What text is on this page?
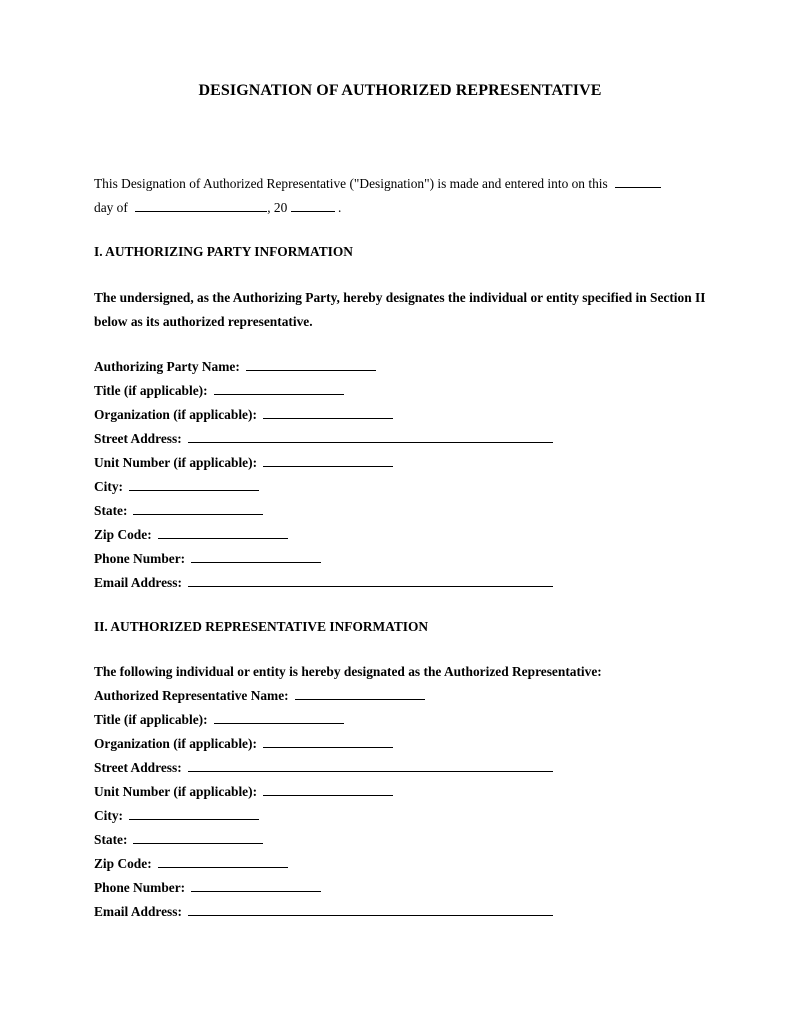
DESIGNATION OF AUTHORIZED REPRESENTATIVE
This Designation of Authorized Representative ("Designation") is made and entered into on this
day of	, 20	.
I. AUTHORIZING PARTY INFORMATION
The undersigned, as the Authorizing Party, hereby designates the individual or entity specified in Section II below as its authorized representative.
Authorizing Party Name:
Title (if applicable):
Organization (if applicable):
Street Address:
Unit Number (if applicable):
City:
State:
Zip Code:
Phone Number:
Email Address:
II. AUTHORIZED REPRESENTATIVE INFORMATION
The following individual or entity is hereby designated as the Authorized Representative:
Authorized Representative Name:
Title (if applicable):
Organization (if applicable):
Street Address:
Unit Number (if applicable):
City:
State:
Zip Code:
Phone Number:
Email Address:
